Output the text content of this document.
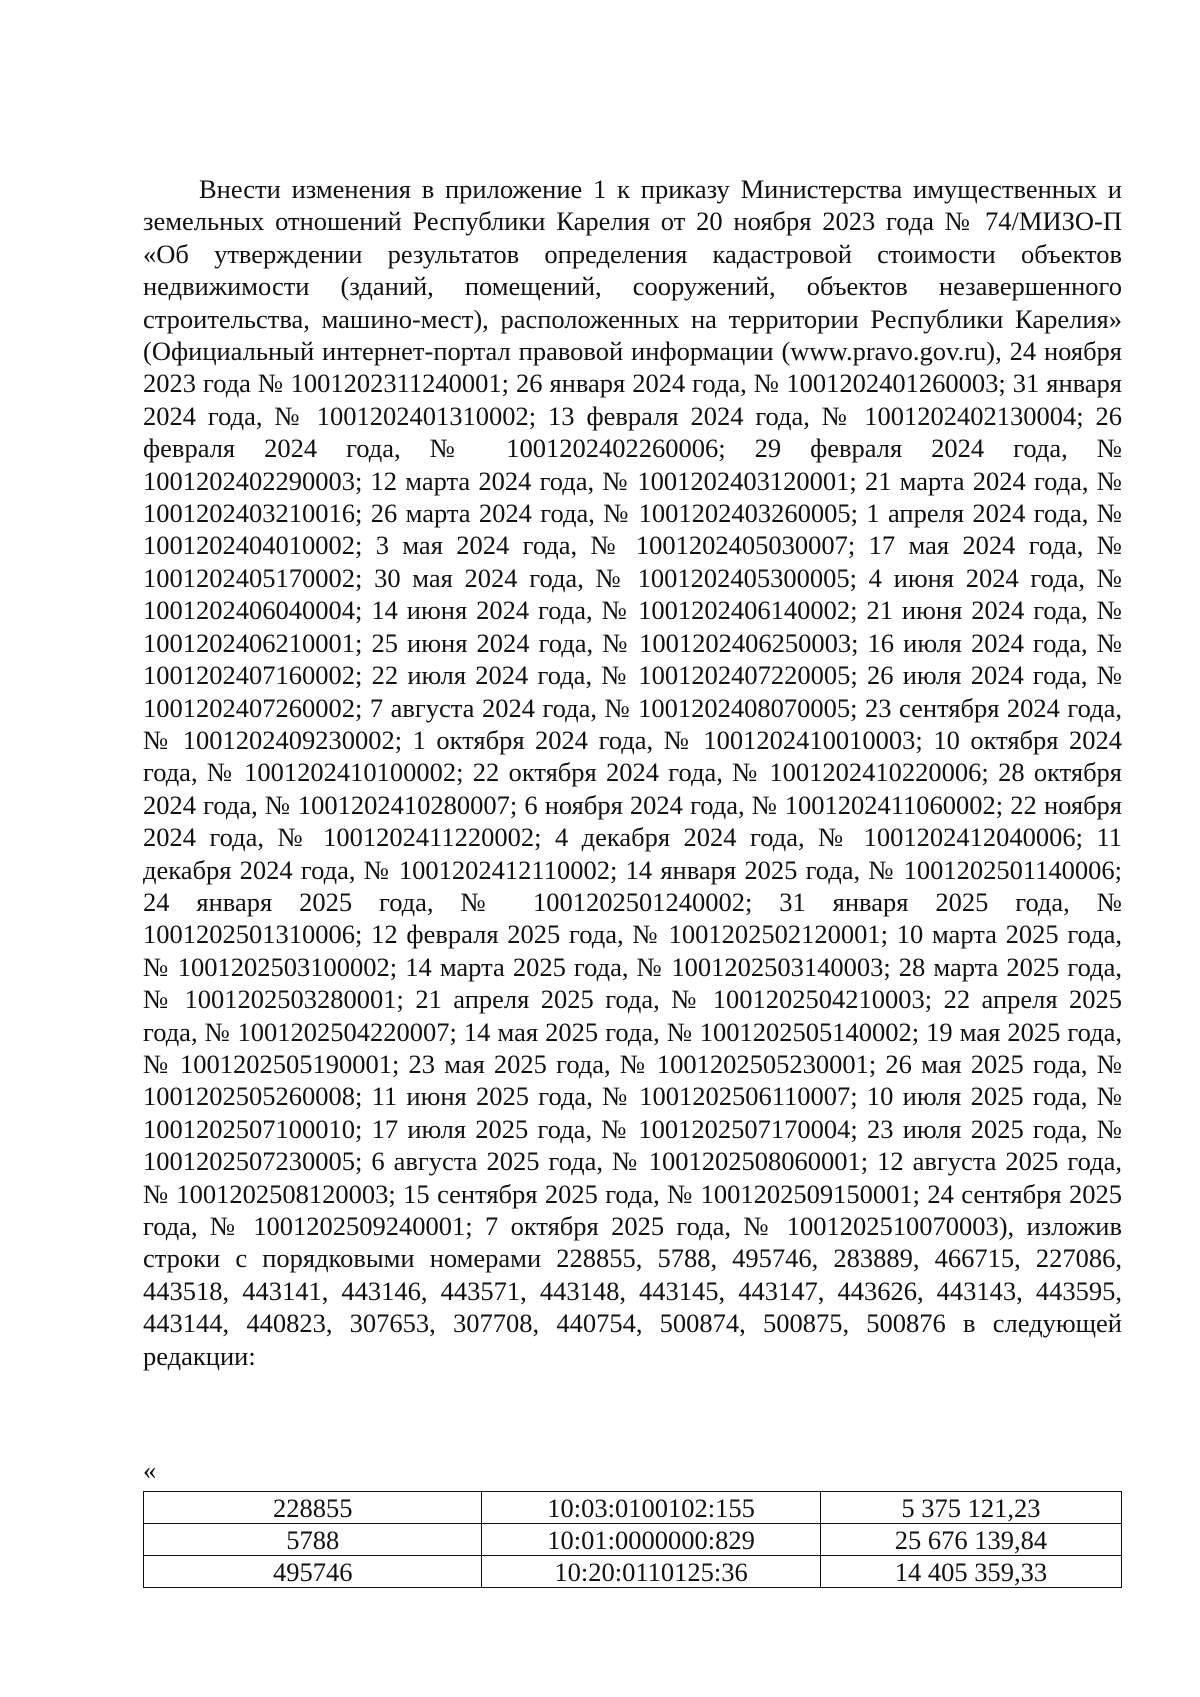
Внести изменения в приложение 1 к приказу Министерства имущественных и земельных отношений Республики Карелия от 20 ноября 2023 года № 74/МИЗО-П «Об утверждении результатов определения кадастровой стоимости объектов недвижимости (зданий, помещений, сооружений, объектов незавершенного строительства, машино-мест), расположенных на территории Республики Карелия» (Официальный интернет-портал правовой информации (www.pravo.gov.ru), 24 ноября 2023 года № 1001202311240001; 26 января 2024 года, № 1001202401260003; 31 января 2024 года, № 1001202401310002; 13 февраля 2024 года, № 1001202402130004; 26 февраля 2024 года, № 1001202402260006; 29 февраля 2024 года, № 1001202402290003; 12 марта 2024 года, № 1001202403120001; 21 марта 2024 года, № 1001202403210016; 26 марта 2024 года, № 1001202403260005; 1 апреля 2024 года, № 1001202404010002; 3 мая 2024 года, № 1001202405030007; 17 мая 2024 года, № 1001202405170002; 30 мая 2024 года, № 1001202405300005; 4 июня 2024 года, № 1001202406040004; 14 июня 2024 года, № 1001202406140002; 21 июня 2024 года, № 1001202406210001; 25 июня 2024 года, № 1001202406250003; 16 июля 2024 года, № 1001202407160002; 22 июля 2024 года, № 1001202407220005; 26 июля 2024 года, № 1001202407260002; 7 августа 2024 года, № 1001202408070005; 23 сентября 2024 года, № 1001202409230002; 1 октября 2024 года, № 1001202410010003; 10 октября 2024 года, № 1001202410100002; 22 октября 2024 года, № 1001202410220006; 28 октября 2024 года, № 1001202410280007; 6 ноября 2024 года, № 1001202411060002; 22 ноября 2024 года, № 1001202411220002; 4 декабря 2024 года, № 1001202412040006; 11 декабря 2024 года, № 1001202412110002; 14 января 2025 года, № 1001202501140006; 24 января 2025 года, № 1001202501240002; 31 января 2025 года, № 1001202501310006; 12 февраля 2025 года, № 1001202502120001; 10 марта 2025 года, № 1001202503100002; 14 марта 2025 года, № 1001202503140003; 28 марта 2025 года, № 1001202503280001; 21 апреля 2025 года, № 1001202504210003; 22 апреля 2025 года, № 1001202504220007; 14 мая 2025 года, № 1001202505140002; 19 мая 2025 года, № 1001202505190001; 23 мая 2025 года, № 1001202505230001; 26 мая 2025 года, № 1001202505260008; 11 июня 2025 года, № 1001202506110007; 10 июля 2025 года, № 1001202507100010; 17 июля 2025 года, № 1001202507170004; 23 июля 2025 года, № 1001202507230005; 6 августа 2025 года, № 1001202508060001; 12 августа 2025 года, № 1001202508120003; 15 сентября 2025 года, № 1001202509150001; 24 сентября 2025 года, № 1001202509240001; 7 октября 2025 года, № 1001202510070003), изложив строки с порядковыми номерами 228855, 5788, 495746, 283889, 466715, 227086, 443518, 443141, 443146, 443571, 443148, 443145, 443147, 443626, 443143, 443595, 443144, 440823, 307653, 307708, 440754, 500874, 500875, 500876 в следующей редакции:

«
228855	10:03:0100102:155	5 375 121,23
5788	10:01:0000000:829	25 676 139,84
495746	10:20:0110125:36	14 405 359,33
